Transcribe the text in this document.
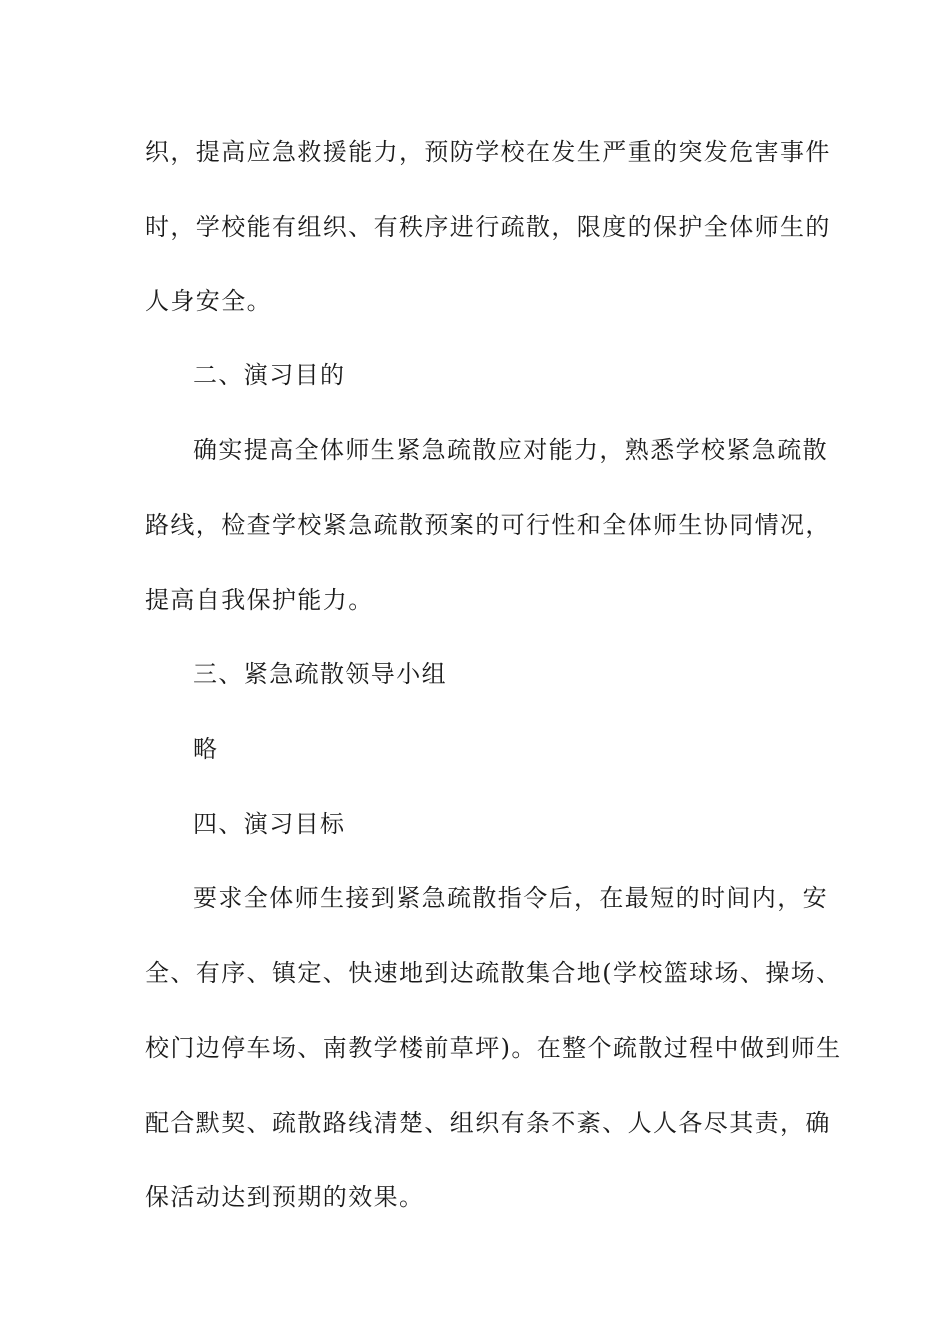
织，提高应急救援能力，预防学校在发生严重的突发危害事件
时，学校能有组织、有秩序进行疏散，限度的保护全体师生的
人身安全。
二、演习目的
确实提高全体师生紧急疏散应对能力，熟悉学校紧急疏散
路线，检查学校紧急疏散预案的可行性和全体师生协同情况，
提高自我保护能力。
三、紧急疏散领导小组
略
四、演习目标
要求全体师生接到紧急疏散指令后，在最短的时间内，安
全、有序、镇定、快速地到达疏散集合地(学校篮球场、操场、
校门边停车场、南教学楼前草坪)。在整个疏散过程中做到师生
配合默契、疏散路线清楚、组织有条不紊、人人各尽其责，确
保活动达到预期的效果。
